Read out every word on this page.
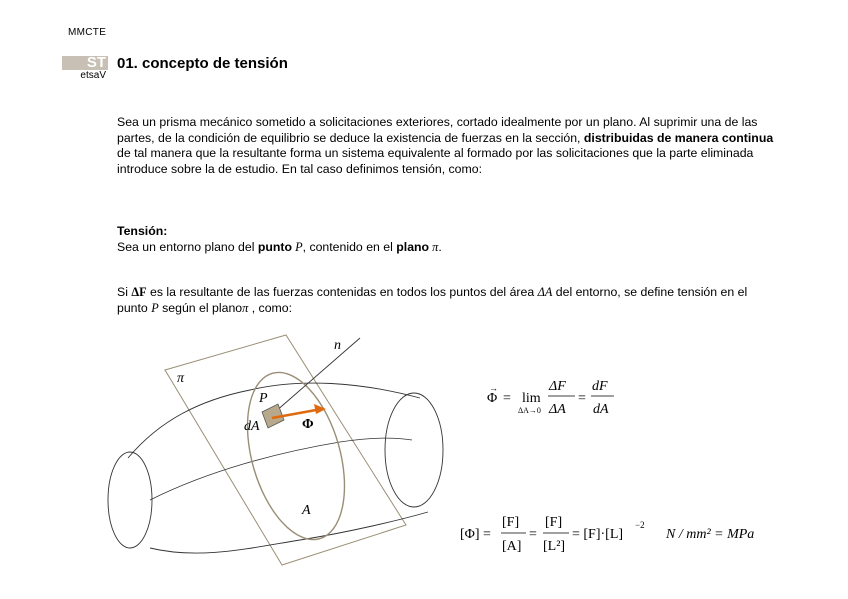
MMCTE
ST
etsaV
01. concepto de tensión
Sea un prisma mecánico sometido a solicitaciones exteriores, cortado idealmente por un plano. Al suprimir una de las partes, de la condición de equilibrio se deduce la existencia de fuerzas en la sección, distribuidas de manera continua de tal manera que la resultante forma un sistema equivalente al formado por las solicitaciones que la parte eliminada introduce sobre la de estudio. En tal caso definimos tensión, como:
Tensión:
Sea un entorno plano del punto P, contenido en el plano π.
Si ΔF es la resultante de las fuerzas contenidas en todos los puntos del área ΔA del entorno, se define tensión en el punto P según el planoπ , como:
n
π
P
dA	Φ
A
Φ
→
= lim
ΔA→0
ΔF
ΔA
=
dF
dA
[Φ] =
[F]
[A]
=
[F]
[L²]
= [F]·[L]
−2
N / mm² = MPa
